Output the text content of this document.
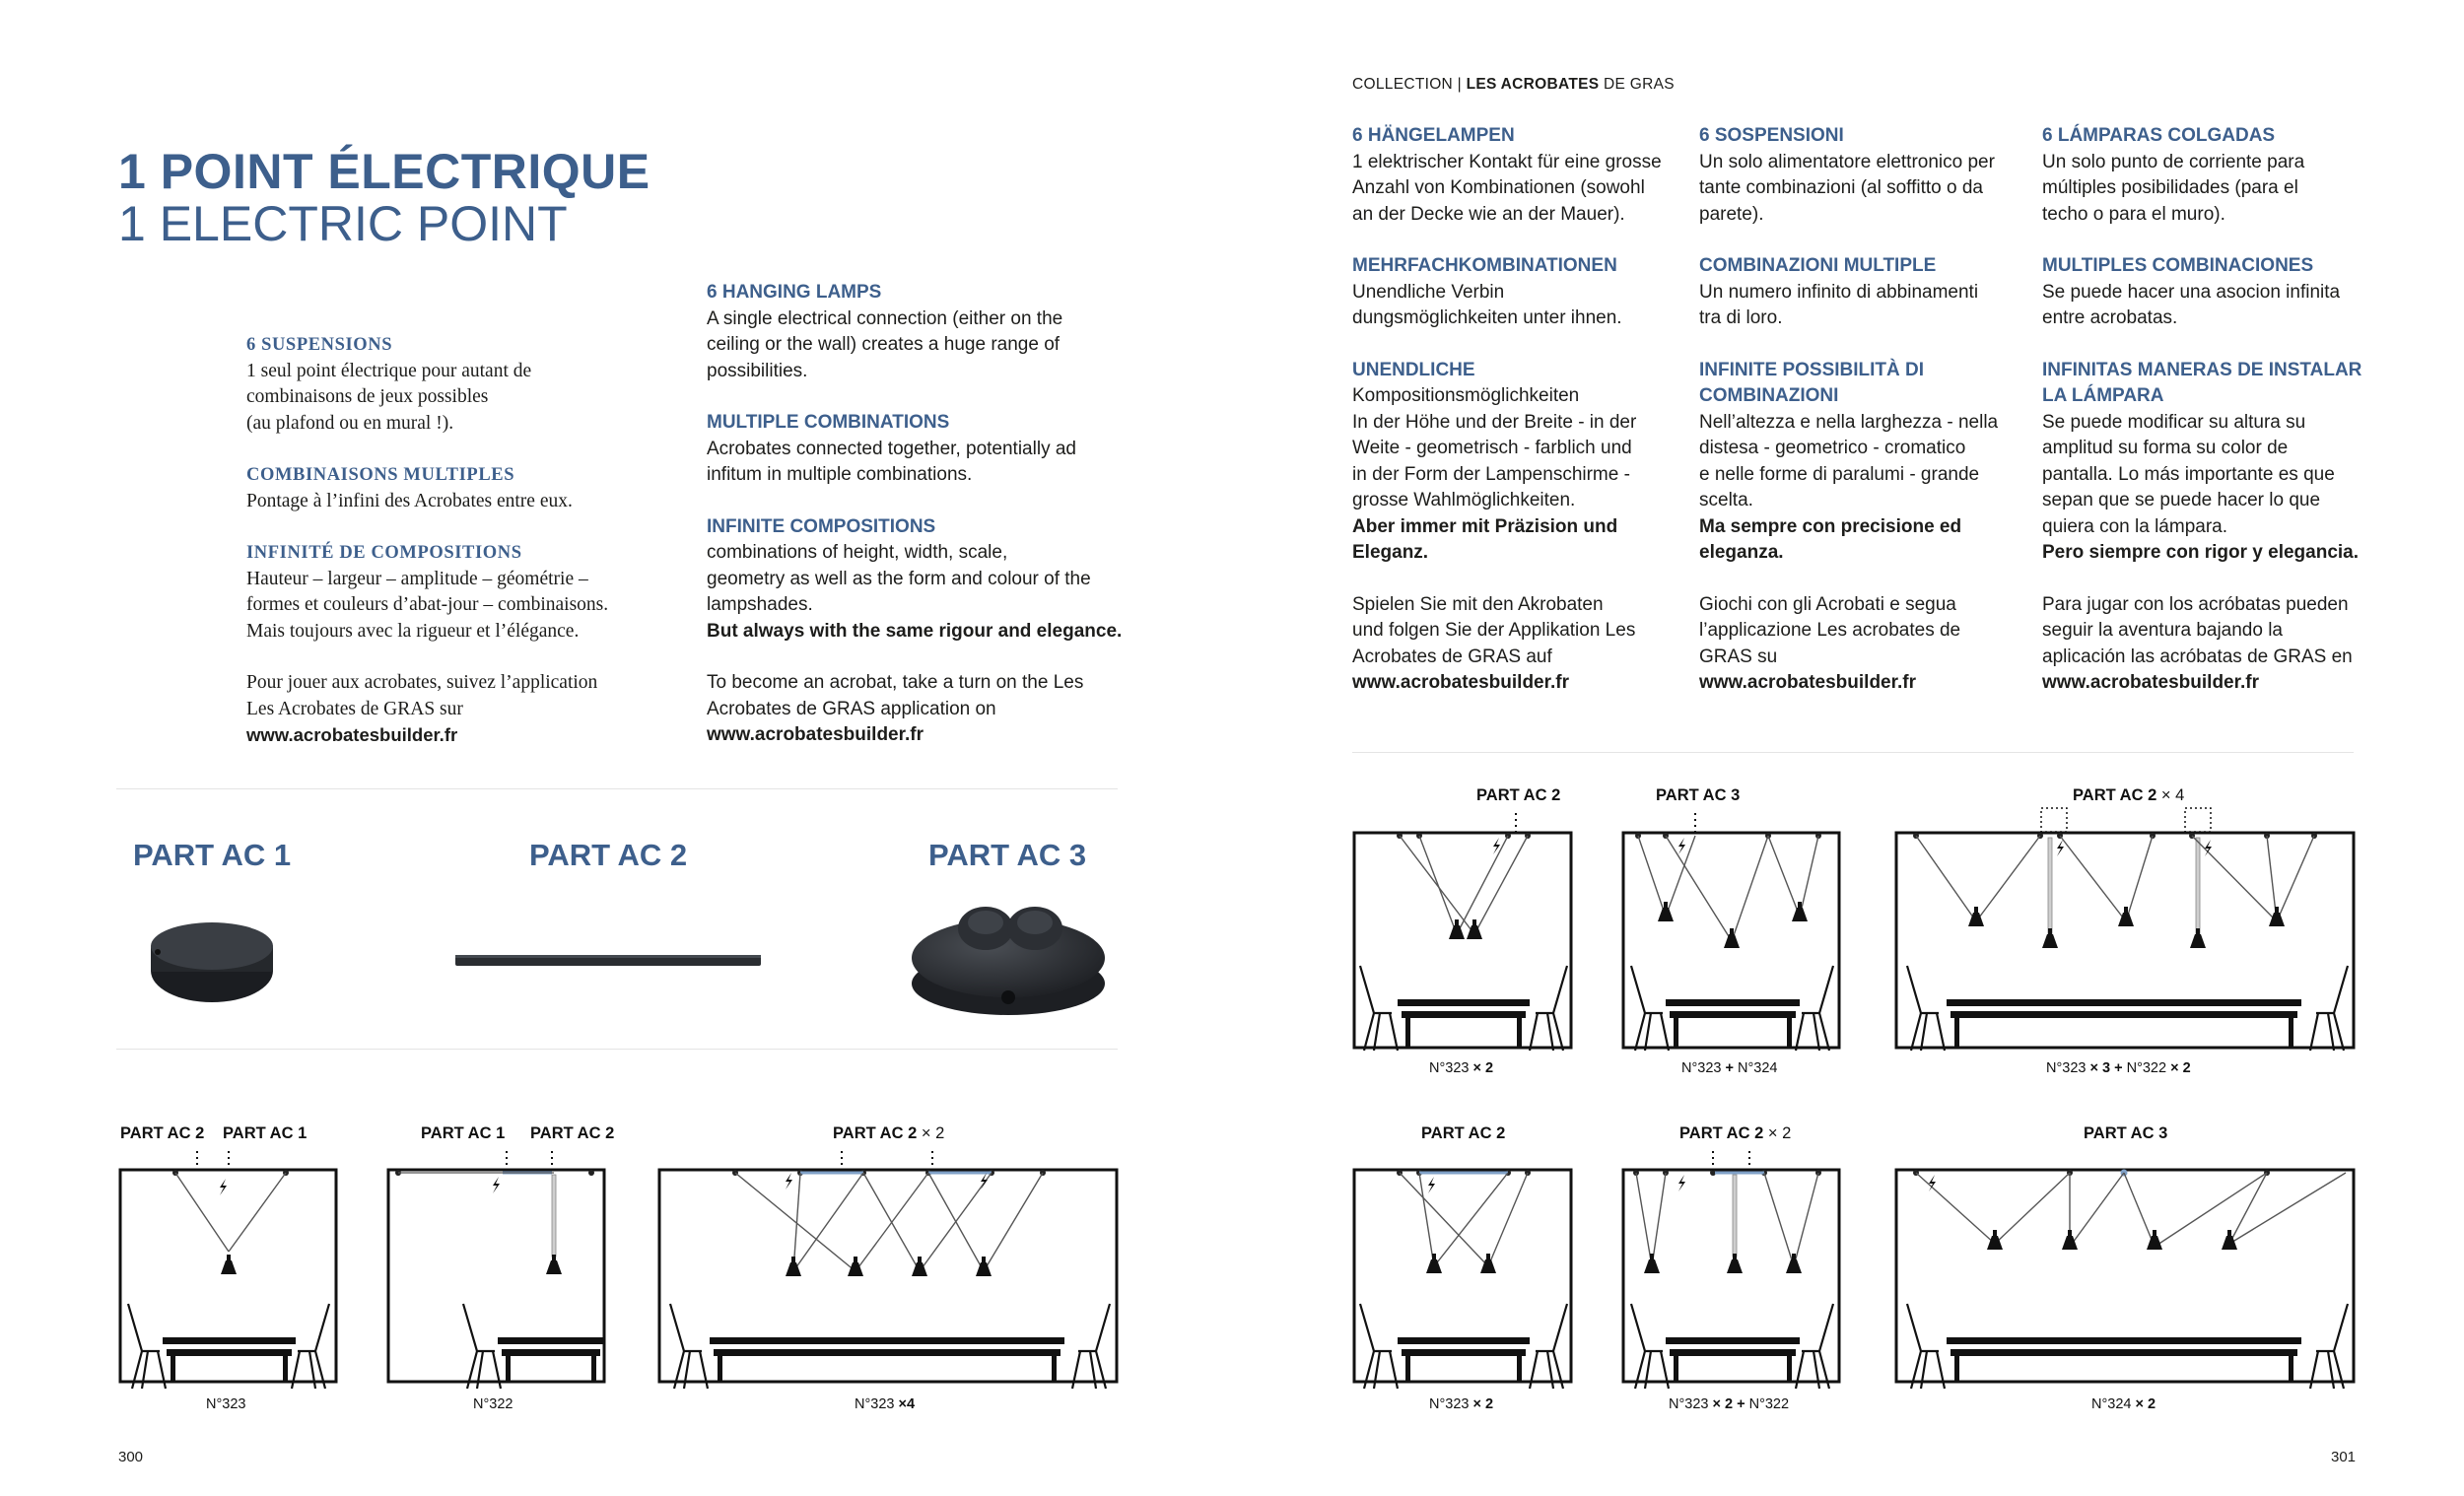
COLLECTION | LES ACROBATES DE GRAS
1 POINT ÉLECTRIQUE
1 ELECTRIC POINT
6 SUSPENSIONS
1 seul point électrique pour autant de
combinaisons de jeux possibles
(au plafond ou en mural !).
COMBINAISONS MULTIPLES
Pontage à l’infini des Acrobates entre eux.
INFINITÉ DE COMPOSITIONS
Hauteur – largeur – amplitude – géométrie –
formes et couleurs d’abat-jour – combinaisons.
Mais toujours avec la rigueur et l’élégance.
Pour jouer aux acrobates, suivez l’application
Les Acrobates de GRAS sur
www.acrobatesbuilder.fr
6 HANGING LAMPS
A single electrical connection (either on the
ceiling or the wall) creates a huge range of
possibilities.
MULTIPLE COMBINATIONS
Acrobates connected together, potentially ad
infitum in multiple combinations.
INFINITE COMPOSITIONS
combinations of height, width, scale,
geometry as well as the form and colour of the
lampshades.
But always with the same rigour and elegance.
To become an acrobat, take a turn on the Les
Acrobates de GRAS application on
www.acrobatesbuilder.fr
6 HÄNGELAMPEN
1 elektrischer Kontakt für eine grosse
Anzahl von Kombinationen (sowohl
an der Decke wie an der Mauer).
MEHRFACHKOMBINATIONEN
Unendliche Verbin
dungsmöglichkeiten unter ihnen.
UNENDLICHE
Kompositionsmöglichkeiten
In der Höhe und der Breite - in der
Weite - geometrisch - farblich und
in der Form der Lampenschirme -
grosse Wahlmöglichkeiten.
Aber immer mit Präzision und
Eleganz.
Spielen Sie mit den Akrobaten
und folgen Sie der Applikation Les
Acrobates de GRAS auf
www.acrobatesbuilder.fr
6 SOSPENSIONI
Un solo alimentatore elettronico per
tante combinazioni (al soffitto o da
parete).
COMBINAZIONI MULTIPLE
Un numero infinito di abbinamenti
tra di loro.
INFINITE POSSIBILITÀ DI
COMBINAZIONI
Nell’altezza e nella larghezza - nella
distesa - geometrico - cromatico
e nelle forme di paralumi - grande
scelta.
Ma sempre con precisione ed
eleganza.
Giochi con gli Acrobati e segua
l’applicazione Les acrobates de
GRAS su
www.acrobatesbuilder.fr
6 LÁMPARAS COLGADAS
Un solo punto de corriente para
múltiples posibilidades (para el
techo o para el muro).
MULTIPLES COMBINACIONES
Se puede hacer una asocion infinita
entre acrobatas.
INFINITAS MANERAS DE INSTALAR
LA LÁMPARA
Se puede modificar su altura su
amplitud su forma su color de
pantalla. Lo más importante es que
sepan que se puede hacer lo que
quiera con la lámpara.
Pero siempre con rigor y elegancia.
Para jugar con los acróbatas pueden
seguir la aventura bajando la
aplicación las acróbatas de GRAS en
www.acrobatesbuilder.fr
PART AC 1	PART AC 2	PART AC 3
PART AC 2 PART AC 1
N°323
PART AC 1 PART AC 2
N°322
PART AC 2 × 2
N°323 ×4
PART AC 2
N°323 × 2
PART AC 3
N°323 + N°324
PART AC 2 × 4
N°323 × 3 + N°322 × 2
PART AC 2
N°323 × 2
PART AC 2 × 2
N°323 × 2 + N°322
PART AC 3
N°324 × 2
300	301
